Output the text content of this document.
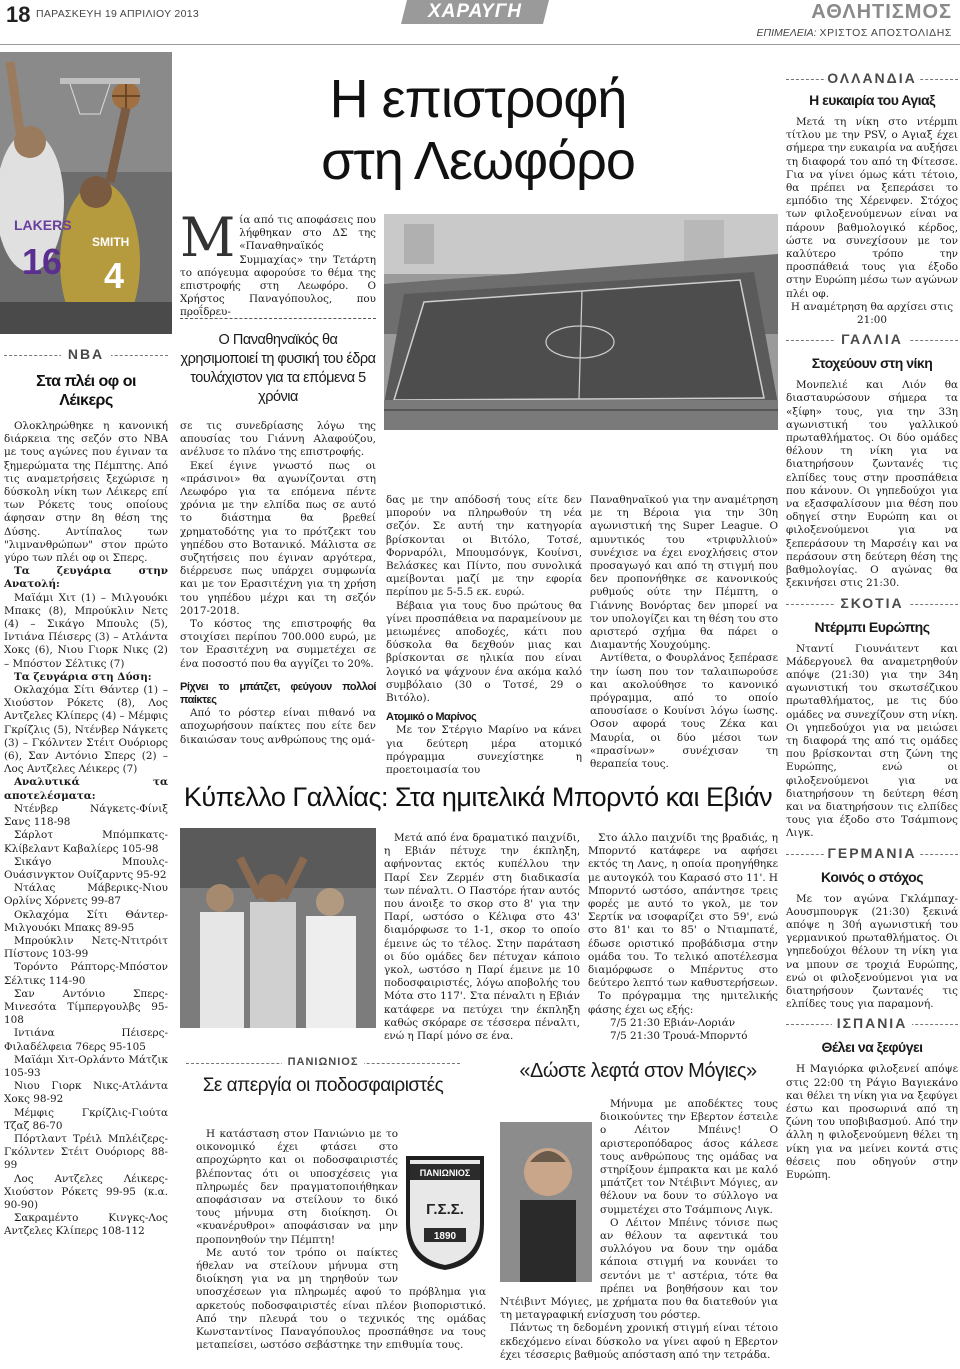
18 ΠΑΡΑΣΚΕΥΗ 19 ΑΠΡΙΛΙΟΥ 2013	ΧΑΡΑΥΓΗ	ΑΘΛΗΤΙΣΜΟΣ
ΕΠΙΜΕΛΕΙΑ: ΧΡΙΣΤΟΣ ΑΠΟΣΤΟΛΙΔΗΣ
LAKERS
16 SMITH
4
NBA
Στα πλέι οφ οι Λέικερς

Ολοκληρώθηκε η κανονική διάρκεια της σεζόν στο NBA με τους αγώνες που έγιναν τα ξημερώματα της Πέμπτης. Από τις αναμετρήσεις ξεχώρισε η δύσκολη νίκη των Λέικερς επί των Ρόκετς τους οποίους άφησαν στην 8η θέση της Δύσης. Αντίπαλος των "λιμνανθρώπων" στον πρώτο γύρο των πλέι οφ οι Σπερς.

Τα ζευγάρια στην Ανατολή:

Μαϊάμι Χιτ (1) – Μιλγουόκι Μπακς (8), Μπρούκλιν Νετς (4) – Σικάγο Μπουλς (5), Ιντιάνα Πέισερς (3) – Ατλάντα Χοκς (6), Νιου Γιορκ Νικς (2) – Μπόστον Σέλτικς (7)

Τα ζευγάρια στη Δύση:

Οκλαχόμα Σίτι Θάντερ (1) – Χιούστον Ρόκετς (8), Λος Αντζελες Κλίπερς (4) – Μέμφις Γκρίζλις (5), Ντένβερ Νάγκετς (3) – Γκόλντεν Στέιτ Ουόριορς (6), Σαν Αντόνιο Σπερς (2) – Λος Αντζελες Λέικερς (7)

Αναλυτικά τα αποτελέσματα:

Ντένβερ Νάγκετς-Φίνιξ Σανς 118-98

Σάρλοτ Μπόμπκατς-Κλίβελαντ Καβαλίερς 105-98

Σικάγο Μπουλς-Ουάσινγκτον Ουίζαρντς 95-92

Ντάλας Μάβερικς-Νιου Ορλίνς Χόρνετς 99-87

Οκλαχόμα Σίτι Θάντερ-Μιλγουόκι Μπακς 89-95

Μπρούκλιν Νετς-Ντιτρόιτ Πίστονς 103-99

Τορόντο Ράπτορς-Μπόστον Σέλτικς 114-90

Σαν Αντόνιο Σπερς-Μινεσότα Τίμπεργουλβς 95-108

Ιντιάνα Πέισερς-Φιλαδέλφεια 76ερς 95-105

Μαϊάμι Χιτ-Ορλάντο Μάτζικ 105-93

Νιου Γιορκ Νικς-Ατλάντα Χοκς 98-92

Μέμφις Γκρίζλις-Γιούτα Τζαζ 86-70

Πόρτλαντ Τρέιλ Μπλέιζερς-Γκόλντεν Στέιτ Ουόριορς 88-99

Λος Αντζελες Λέικερς-Χιούστον Ρόκετς 99-95 (κ.α. 90-90)

Σακραμέντο Κινγκς-Λος Αντζελες Κλίπερς 108-112

Η επιστροφή
στη Λεωφόρο
Μ ία από τις αποφάσεις που λήφθηκαν στο ΔΣ της «Παναθηναϊκός Συμμαχίας» την Τετάρτη το απόγευμα αφορούσε το θέμα της επιστροφής στη Λεωφόρο. Ο Χρήστος Παναγόπουλος, που προΐδρευ-
Ο Παναθηναϊκός θα χρησιμοποιεί τη φυσική του έδρα τουλάχιστον για τα επόμενα 5 χρόνια

σε τις συνεδρίασης λόγω της απουσίας του Γιάννη Αλαφούζου, ανέλυσε το πλάνο της επιστροφής.

Εκεί έγινε γνωστό πως οι «πράσινοι» θα αγωνίζονται στη Λεωφόρο για τα επόμενα πέντε χρόνια με την ελπίδα πως σε αυτό το διάστημα θα βρεθεί χρηματοδότης για το πρότζεκτ του γηπέδου στο Βοτανικό. Μάλιστα σε συζητήσεις που έγιναν αργότερα, διέρρευσε πως υπάρχει συμφωνία και με τον Ερασιτέχνη για τη χρήση του γηπέδου μέχρι και τη σεζόν 2017-2018.

Το κόστος της επιστροφής θα στοιχίσει περίπου 700.000 ευρώ, με τον Ερασιτέχνη να συμμετέχει σε ένα ποσοστό που θα αγγίζει το 20%.

Ρίχνει το μπάτζετ, φεύγουν πολλοί παίκτες

Από το ρόστερ είναι πιθανό να αποχωρήσουν παίκτες που είτε δεν δικαιώσαν τους ανθρώπους της ομά-

δας με την απόδοσή τους είτε δεν μπορούν να πληρωθούν τη νέα σεζόν. Σε αυτή την κατηγορία βρίσκονται οι Βιτόλο, Τοτσέ, Φορναρόλι, Μπουμσόνγκ, Κουίνσι, Βελάσκες και Πίντο, που συνολικά αμείβονται μαζί με την εφορία περίπου με 5-5.5 εκ. ευρώ.

Βέβαια για τους δυο πρώτους θα γίνει προσπάθεια να παραμείνουν με μειωμένες αποδοχές, κάτι που δύσκολα θα δεχθούν μιας και βρίσκονται σε ηλικία που είναι λογικό να ψάχνουν ένα ακόμα καλό συμβόλαιο (30 ο Τοτσέ, 29 ο Βιτόλο).

Ατομικό ο Μαρίνος

Με τον Στέργιο Μαρίνο να κάνει για δεύτερη μέρα ατομικό πρόγραμμα συνεχίστηκε η προετοιμασία του

Παναθηναϊκού για την αναμέτρηση με τη Βέροια για την 30η αγωνιστική της Super League. Ο αμυντικός του «τριφυλλιού» συνέχισε να έχει ενοχλήσεις στον προσαγωγό και από τη στιγμή που δεν προπονήθηκε σε κανονικούς ρυθμούς ούτε την Πέμπτη, ο Γιάννης Βονόρτας δεν μπορεί να τον υπολογίζει και τη θέση του στο αριστερό σχήμα θα πάρει ο Διαμαντής Χουχούμης.

Αντίθετα, ο Φουρλάνος ξεπέρασε την ίωση που τον ταλαιπωρούσε και ακολούθησε το κανονικό πρόγραμμα, από το οποίο απουσίασε ο Κουίνσι λόγω ίωσης. Οσον αφορά τους Ζέκα και Μαυρία, οι δύο μέσοι των «πρασίνων» συνέχισαν τη θεραπεία τους.

Κύπελλο Γαλλίας: Στα ημιτελικά Μπορντό και Εβιάν

Μετά από ένα δραματικό παιχνίδι, η Εβιάν πέτυχε την έκπληξη, αφήνοντας εκτός κυπέλλου την Παρί Σεν Ζερμέν στη διαδικασία των πέναλτι. Ο Παστόρε ήταν αυτός που άνοιξε το σκορ στο 8' για την Παρί, ωστόσο ο Κέλιφα στο 43' διαμόρφωσε το 1-1, σκορ το οποίο έμεινε ώς το τέλος. Στην παράταση οι δύο ομάδες δεν πέτυχαν κάποιο γκολ, ωστόσο η Παρί έμεινε με 10 ποδοσφαιριστές, λόγω αποβολής του Μότα στο 117'. Στα πέναλτι η Εβιάν κατάφερε να πετύχει την έκπληξη καθώς σκόραρε σε τέσσερα πέναλτι, ενώ η Παρί μόνο σε ένα.

Στο άλλο παιχνίδι της βραδιάς, η Μπορντό κατάφερε να αφήσει εκτός τη Λανς, η οποία προηγήθηκε με αυτογκόλ του Καρασό στο 11'. Η Μπορντό ωστόσο, απάντησε τρεις φορές με αυτό το γκολ, με τον Σερτίκ να ισοφαρίζει στο 59', ενώ στο 81' και το 85' ο Ντιαμπατέ, έδωσε οριστικό προβάδισμα στην ομάδα του. Το τελικό αποτέλεσμα διαμόρφωσε ο Μπέρντυς στο δεύτερο λεπτό των καθυστερήσεων.

Το πρόγραμμα της ημιτελικής φάσης έχει ως εξής:

7/5 21:30 Εβιάν-Λοριάν

7/5 21:30 Τρουά-Μπορντό

ΠΑΝΙΩΝΙΟΣ
Σε απεργία οι ποδοσφαιριστές
ΠΑΝΙΩΝΙΟΣ
Γ.Σ.Σ.
1890

Η κατάσταση στον Πανιώνιο με το οικονομικό έχει φτάσει στο απροχώρητο και οι ποδοσφαιριστές βλέποντας ότι οι υποσχέσεις για πληρωμές δεν πραγματοποιήθηκαν αποφάσισαν να στείλουν το δικό τους μήνυμα στη διοίκηση. Οι «κυανέρυθροι» αποφάσισαν να μην προπονηθούν την Πέμπτη!

Με αυτό τον τρόπο οι παίκτες ήθελαν να στείλουν μήνυμα στη διοίκηση για να μη τηρηθούν των υποσχέσεων για πληρωμές αφού το πρόβλημα για αρκετούς ποδοσφαιριστές είναι πλέον βιοποριστικό. Από την πλευρά του ο τεχνικός της ομάδας Κωνσταντίνος Παναγόπουλος προσπάθησε να τους μεταπείσει, ωστόσο σεβάστηκε την επιθυμία τους.

«Δώστε λεφτά στον Μόγιες»

Μήνυμα με αποδέκτες τους διοικούντες την Εβερτον έστειλε ο Λέιτον Μπέινς! Ο αριστεροπόδαρος άσος κάλεσε τους ανθρώπους της ομάδας να στηρίξουν έμπρακτα και με καλό μπάτζετ τον Ντέιβιντ Μόγιες, αν θέλουν να δουν το σύλλογο να συμμετέχει στο Τσάμπιονς Λιγκ.

Ο Λέιτον Μπέινς τόνισε πως αν θέλουν τα αφεντικά του συλλόγου να δουν την ομάδα κάποια στιγμή να κουνάει το σεντόνι με τ' αστέρια, τότε θα πρέπει να βοηθήσουν και τον Ντέιβιντ Μόγιες, με χρήματα που θα διατεθούν για τη μεταγραφική ενίσχυση του ρόστερ.

Πάντως τη δεδομένη χρονική στιγμή είναι τέτοιο εκδεχόμενο είναι δύσκολο να γίνει αφού η Εβερτον έχει τέσσερις βαθμούς απόσταση από την τετράδα.

ΟΛΛΑΝΔΙΑ
Η ευκαιρία του Αγιαξ

Μετά τη νίκη στο ντέρμπι τίτλου με την PSV, ο Αγιαξ έχει σήμερα την ευκαιρία να αυξήσει τη διαφορά του από τη Φίτεσσε. Για να γίνει όμως κάτι τέτοιο, θα πρέπει να ξεπεράσει το εμπόδιο της Χέρενφεν. Στόχος των φιλοξενούμενων είναι να πάρουν βαθμολογικό κέρδος, ώστε να συνεχίσουν με τον καλύτερο τρόπο την προσπάθειά τους για έξοδο στην Ευρώπη μέσω των αγώνων πλέι οφ.

Η αναμέτρηση θα αρχίσει στις 21:00

ΓΑΛΛΙΑ
Στοχεύουν στη νίκη

Μονπελιέ και Λιόν θα διασταυρώσουν σήμερα τα «ξίφη» τους, για την 33η αγωνιστική του γαλλικού πρωταθλήματος. Οι δύο ομάδες θέλουν τη νίκη για να διατηρήσουν ζωντανές τις ελπίδες τους στην προσπάθεια που κάνουν. Οι γηπεδούχοι για να εξασφαλίσουν μια θέση που οδηγεί στην Ευρώπη και οι φιλοξενούμενοι για να ξεπεράσουν τη Μαρσέιγ και να περάσουν στη δεύτερη θέση της βαθμολογίας. Ο αγώνας θα ξεκινήσει στις 21:30.

ΣΚΟΤΙΑ
Ντέρμπι Ευρώπης

Νταντί Γιουνάιτεντ και Μάδεργουελ θα αναμετρηθούν απόψε (21:30) για την 34η αγωνιστική του σκωτσέζικου πρωταθλήματος, με τις δύο ομάδες να συνεχίζουν στη νίκη. Οι γηπεδούχοι για να μειώσει τη διαφορά της από τις ομάδες που βρίσκονται στη ζώνη της Ευρώπης, ενώ οι φιλοξενούμενοι για να διατηρήσουν τη δεύτερη θέση και να διατηρήσουν τις ελπίδες τους για έξοδο στο Τσάμπιονς Λιγκ.

ΓΕΡΜΑΝΙΑ
Κοινός ο στόχος

Με τον αγώνα Γκλάμπαχ-Αουσμπουργκ (21:30) ξεκινά απόψε η 30ή αγωνιστική του γερμανικού πρωταθλήματος. Οι γηπεδούχοι θέλουν τη νίκη για να μπουν σε τροχιά Ευρώπης, ενώ οι φιλοξενούμενοι για να διατηρήσουν ζωντανές τις ελπίδες τους για παραμονή.

ΙΣΠΑΝΙΑ
Θέλει να ξεφύγει

Η Μαγιόρκα φιλοξενεί απόψε στις 22:00 τη Ράγιο Βαγιεκάνο και θέλει τη νίκη για να ξεφύγει έστω και προσωρινά από τη ζώνη του υποβιβασμού. Από την άλλη η φιλοξενούμενη θέλει τη νίκη για να μείνει κοντά στις θέσεις που οδηγούν στην Ευρώπη.
